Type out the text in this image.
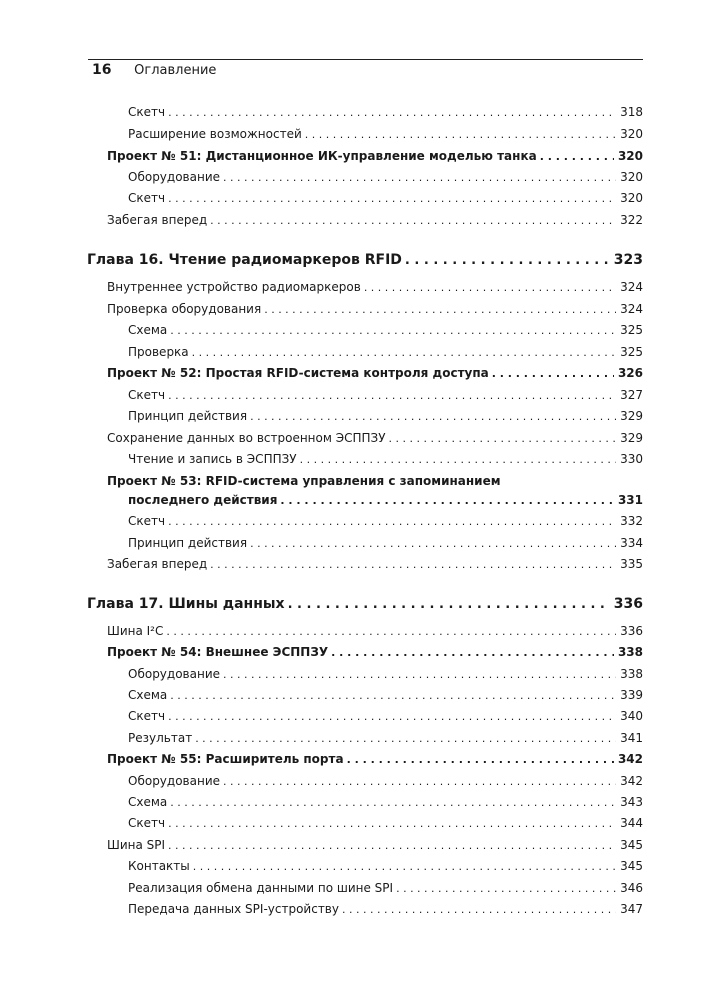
16 Оглавление
Скетч . . .	318
Расширение возможностей . . .	320
Проект № 51: Дистанционное ИК-управление моделью танка . . .	320
Оборудование . . .	320
Скетч . . .	320
Забегая вперед . . .	322
Глава 16. Чтение радиомаркеров RFID . . .	323
Внутреннее устройство радиомаркеров . . .	324
Проверка оборудования . . .	324
Схема . . .	325
Проверка . . .	325
Проект № 52: Простая RFID-система контроля доступа . . .	326
Скетч . . .	327
Принцип действия . . .	329
Сохранение данных во встроенном ЭСППЗУ . . .	329
Чтение и запись в ЭСППЗУ . . .	330
Проект № 53: RFID-система управления с запоминанием
последнего действия . . .	331
Скетч . . .	332
Принцип действия . . .	334
Забегая вперед . . .	335
Глава 17. Шины данных . . .	336
Шина I²C . . .	336
Проект № 54: Внешнее ЭСППЗУ . . .	338
Оборудование . . .	338
Схема . . .	339
Скетч . . .	340
Результат . . .	341
Проект № 55: Расширитель порта . . .	342
Оборудование . . .	342
Схема . . .	343
Скетч . . .	344
Шина SPI . . .	345
Контакты . . .	345
Реализация обмена данными по шине SPI . . .	346
Передача данных SPI-устройству . . .	347
